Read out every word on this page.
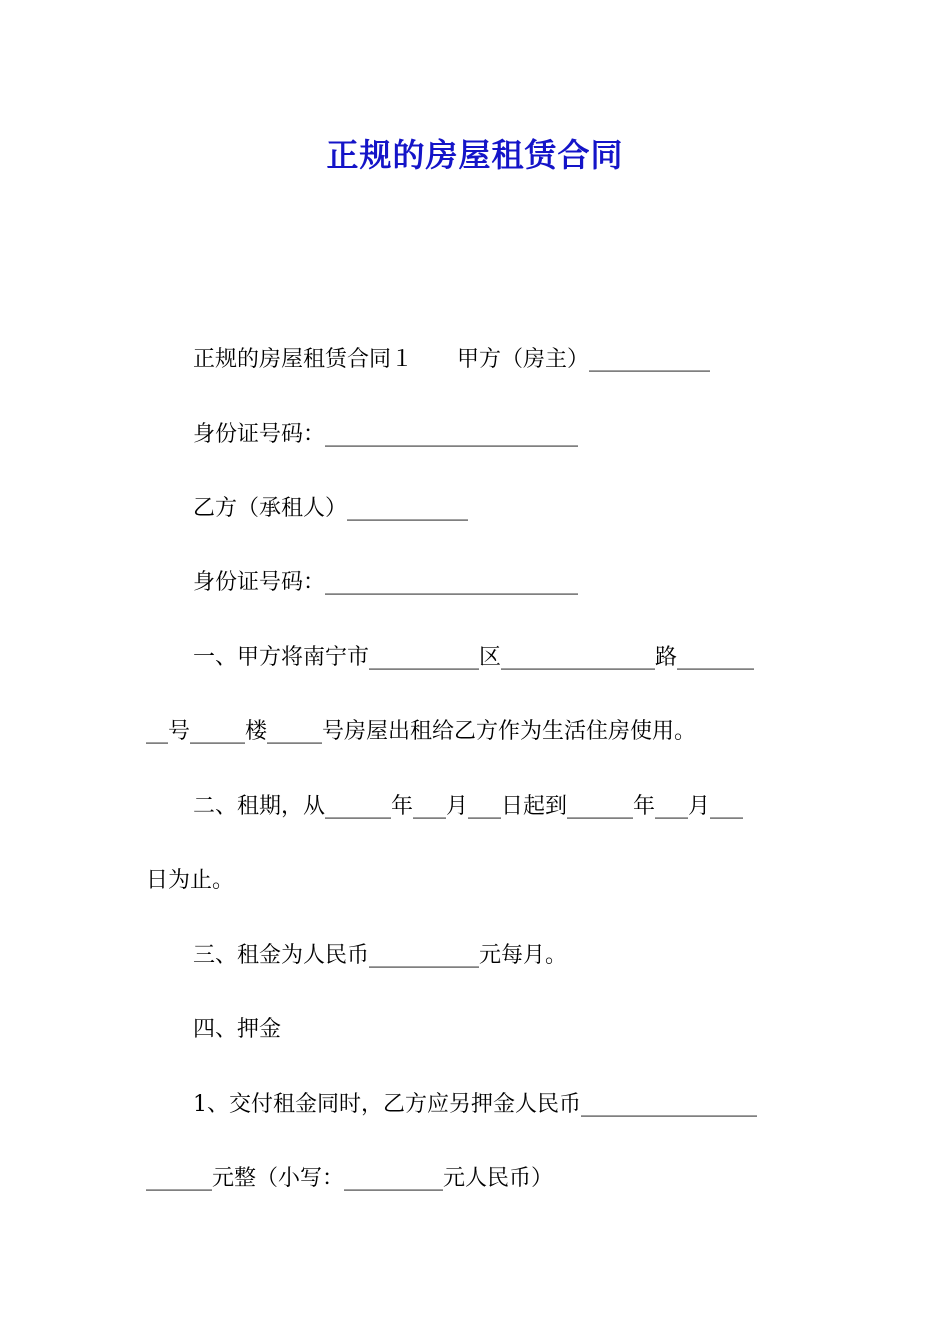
正规的房屋租赁合同
正规的房屋租赁合同１　　甲方（房主）___________
身份证号码：_______________________
乙方（承租人）___________
身份证号码：_______________________
一、甲方将南宁市__________区______________路_______
__号_____楼_____号房屋出租给乙方作为生活住房使用。
二、租期，从______年___月___日起到______年___月___
日为止。
三、租金为人民币__________元每月。
四、押金
1、交付租金同时，乙方应另押金人民币________________
______元整（小写：_________元人民币）
